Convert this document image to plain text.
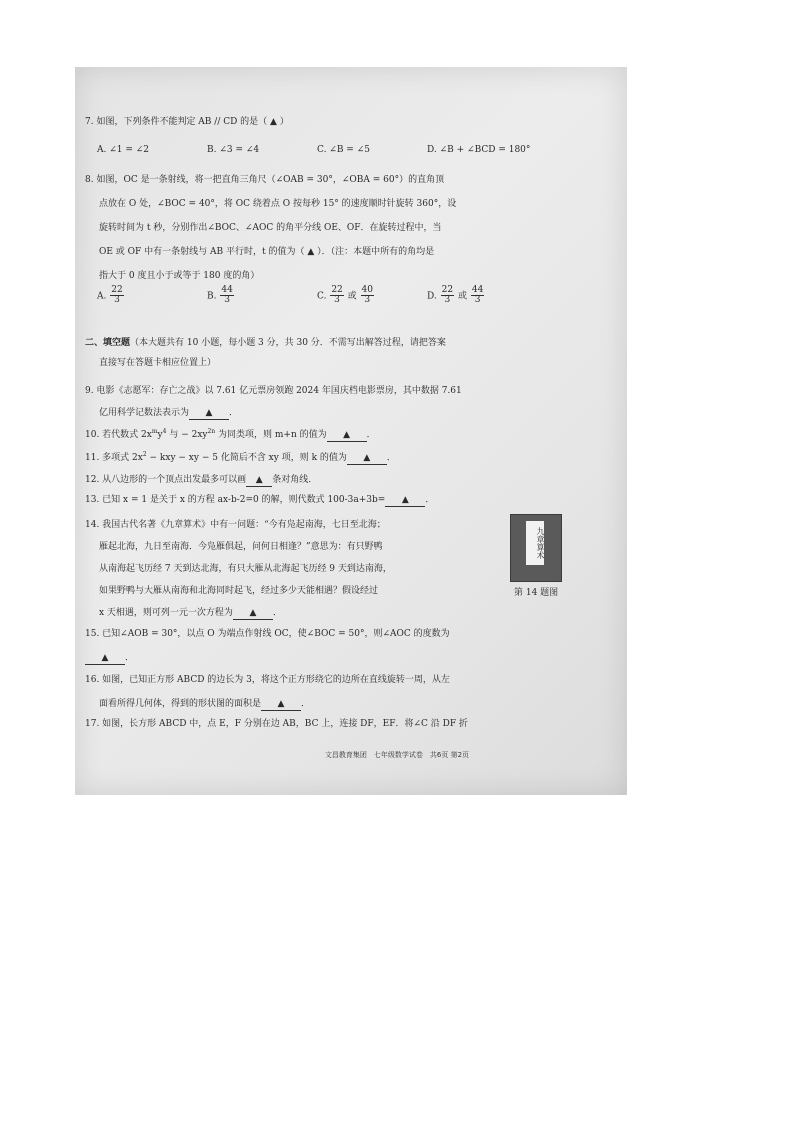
7. 如图，下列条件不能判定 AB // CD 的是（ ▲ ）

A. ∠1 = ∠2	B. ∠3 = ∠4	C. ∠B = ∠5	D. ∠B + ∠BCD = 180°

8. 如图，OC 是一条射线，将一把直角三角尺（∠OAB = 30°，∠OBA = 60°）的直角顶

点放在 O 处，∠BOC = 40°，将 OC 绕着点 O 按每秒 15° 的速度顺时针旋转 360°，设

旋转时间为 t 秒，分别作出∠BOC、∠AOC 的角平分线 OE、OF．在旋转过程中，当

OE 或 OF 中有一条射线与 AB 平行时，t 的值为（ ▲ ）．（注：本题中所有的角均是

指大于 0 度且小于或等于 180 度的角）

A. $\frac{22}{3}$	B. $\frac{44}{3}$	C. $\frac{22}{3}$ 或 $\frac{40}{3}$	D. $\frac{22}{3}$ 或 $\frac{44}{3}$

二、填空题（本大题共有 10 小题，每小题 3 分，共 30 分．不需写出解答过程，请把答案

直接写在答题卡相应位置上）

9. 电影《志愿军：存亡之战》以 7.61 亿元票房领跑 2024 年国庆档电影票房，其中数据 7.61

亿用科学记数法表示为 ▲ ．

10. 若代数式 $2x^my^4$ 与 − $2xy^{2n}$ 为同类项，则 m+n 的值为 ▲ ．

11. 多项式 $2x^2$ − kxy − xy − 5 化简后不含 xy 项，则 k 的值为 ▲ ．

12. 从八边形的一个顶点出发最多可以画 ▲ 条对角线．

13. 已知 x = 1 是关于 x 的方程 ax-b-2=0 的解，则代数式 100-3a+3b= ▲ ．

14. 我国古代名著《九章算术》中有一问题：“今有凫起南海，七日至北海；

雁起北海，九日至南海．今凫雁俱起，问何日相逢？”意思为：有只野鸭

从南海起飞历经 7 天到达北海，有只大雁从北海起飞历经 9 天到达南海，

如果野鸭与大雁从南海和北海同时起飞，经过多少天能相遇？假设经过

x 天相遇，则可列一元一次方程为 ▲ ．

15. 已知∠AOB = 30°，以点 O 为端点作射线 OC，使∠BOC = 50°，则∠AOC 的度数为

▲ ．

16. 如图，已知正方形 ABCD 的边长为 3，将这个正方形绕它的边所在直线旋转一周，从左

面看所得几何体，得到的形状图的面积是 ▲ ．

17. 如图，长方形 ABCD 中，点 E，F 分别在边 AB，BC 上，连接 DF，EF．将∠C 沿 DF 折

九章算术
第 14 题图
文昌教育集团　七年级数学试卷　共6页 第2页
